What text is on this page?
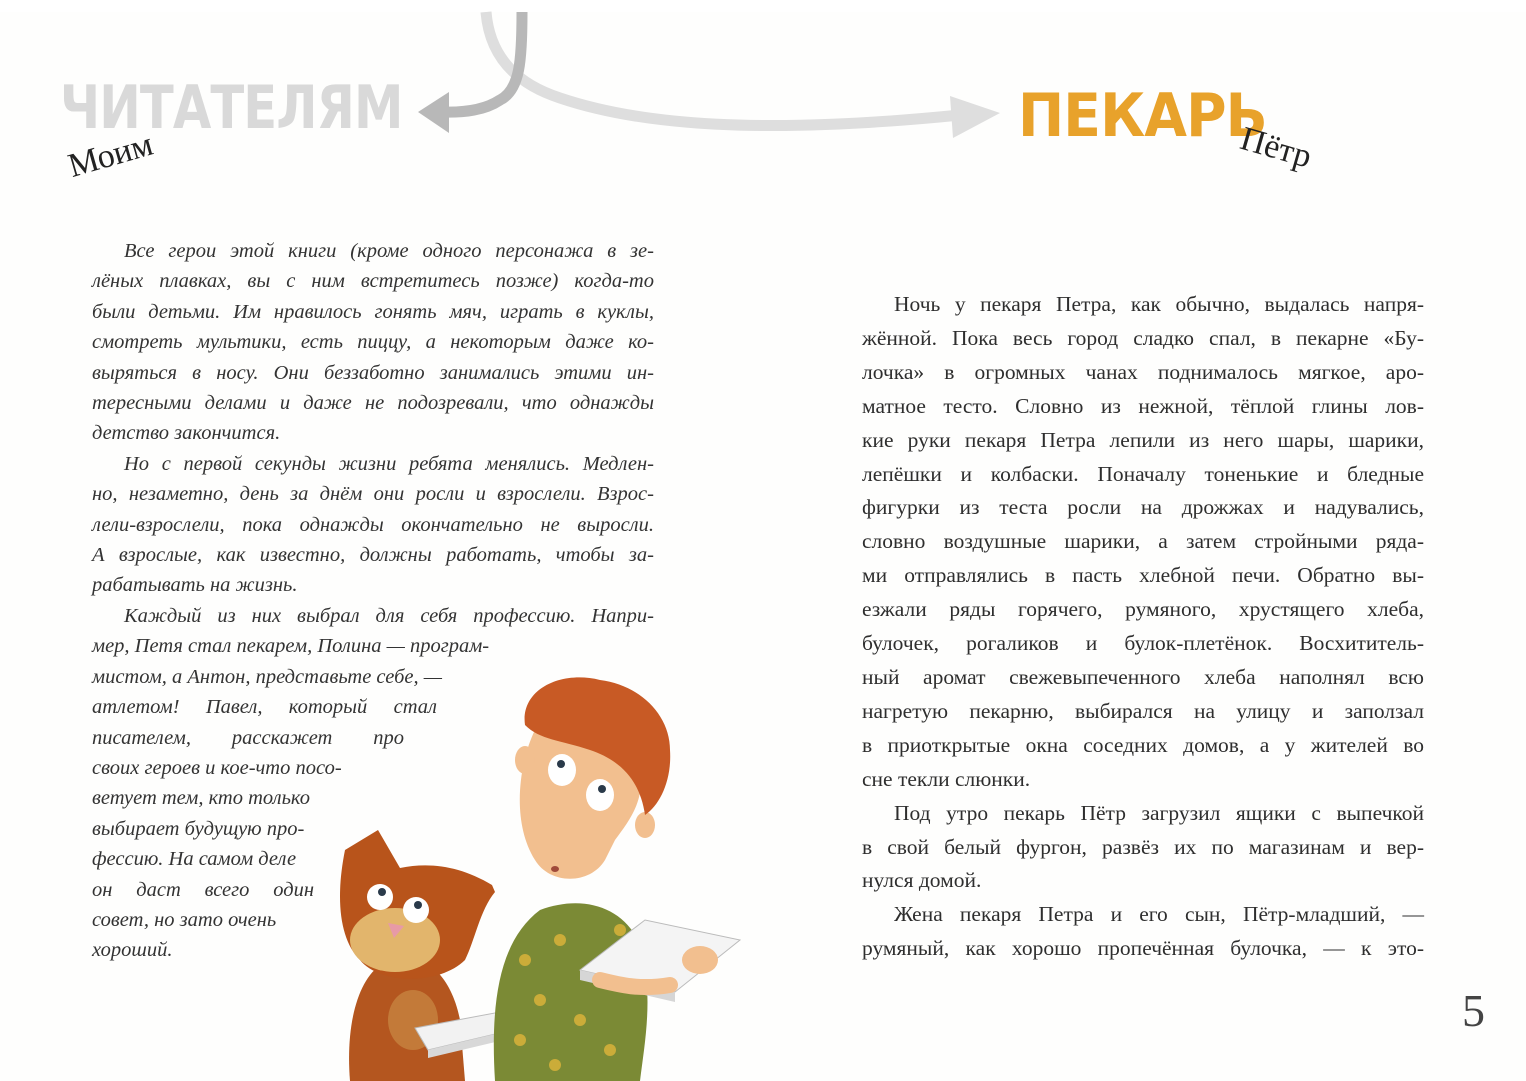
ЧИТАТЕЛЯМ
Моим
ПЕКАРЬ
Пётр
Все герои этой книги (кроме одного персонажа в зе-
лёных плавках, вы с ним встретитесь позже) когда-то
были детьми. Им нравилось гонять мяч, играть в куклы,
смотреть мультики, есть пиццу, а некоторым даже ко-
выряться в носу. Они беззаботно занимались этими ин-
тересными делами и даже не подозревали, что однажды
детство закончится.
Но с первой секунды жизни ребята менялись. Медлен-
но, незаметно, день за днём они росли и взрослели. Взрос-
лели-взрослели, пока однажды окончательно не выросли.
А взрослые, как известно, должны работать, чтобы за-
рабатывать на жизнь.
Каждый из них выбрал для себя профессию. Напри-
мер, Петя стал пекарем, Полина — програм-
мистом, а Антон, представьте себе, —
атлетом! Павел, который стал
писателем, расскажет про
своих героев и кое-что посо-
ветует тем, кто только
выбирает будущую про-
фессию. На самом деле
он даст всего один
совет, но зато очень
хороший.
Ночь у пекаря Петра, как обычно, выдалась напря-
жённой. Пока весь город сладко спал, в пекарне «Бу-
лочка» в огромных чанах поднималось мягкое, аро-
матное тесто. Словно из нежной, тёплой глины лов-
кие руки пекаря Петра лепили из него шары, шарики,
лепёшки и колбаски. Поначалу тоненькие и бледные
фигурки из теста росли на дрожжах и надувались,
словно воздушные шарики, а затем стройными ряда-
ми отправлялись в пасть хлебной печи. Обратно вы-
езжали ряды горячего, румяного, хрустящего хлеба,
булочек, рогаликов и булок-плетёнок. Восхититель-
ный аромат свежевыпеченного хлеба наполнял всю
нагретую пекарню, выбирался на улицу и заползал
в приоткрытые окна соседних домов, а у жителей во
сне текли слюнки.
Под утро пекарь Пётр загрузил ящики с выпечкой
в свой белый фургон, развёз их по магазинам и вер-
нулся домой.
Жена пекаря Петра и его сын, Пётр-младший, —
румяный, как хорошо пропечённая булочка, — к это-
5
